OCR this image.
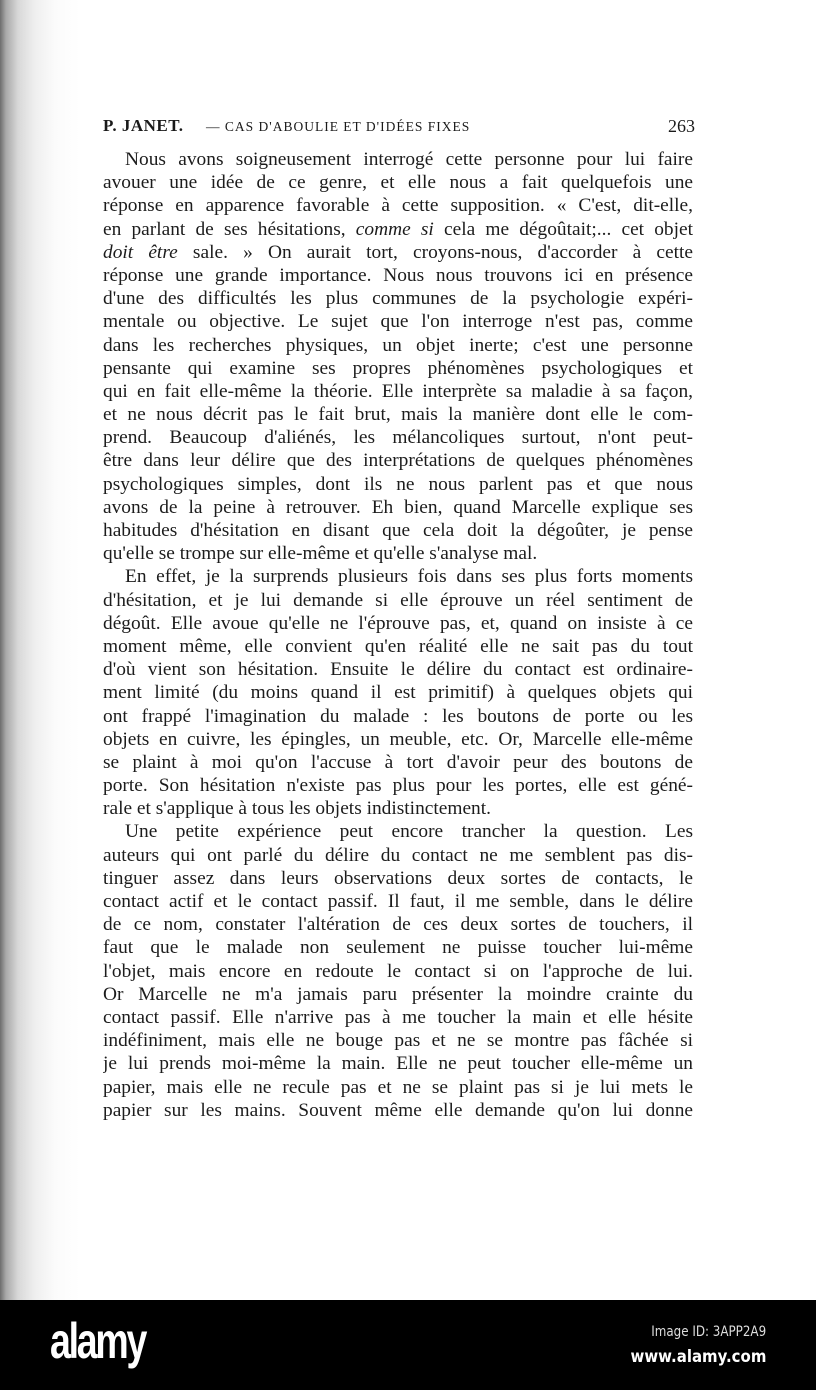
P. JANET. — CAS D'ABOULIE ET D'IDÉES FIXES	263
Nous avons soigneusement interrogé cette personne pour lui faire
avouer une idée de ce genre, et elle nous a fait quelquefois une
réponse en apparence favorable à cette supposition. « C'est, dit-elle,
en parlant de ses hésitations, comme si cela me dégoûtait;... cet objet
doit être sale. » On aurait tort, croyons-nous, d'accorder à cette
réponse une grande importance. Nous nous trouvons ici en présence
d'une des difficultés les plus communes de la psychologie expéri-
mentale ou objective. Le sujet que l'on interroge n'est pas, comme
dans les recherches physiques, un objet inerte; c'est une personne
pensante qui examine ses propres phénomènes psychologiques et
qui en fait elle-même la théorie. Elle interprète sa maladie à sa façon,
et ne nous décrit pas le fait brut, mais la manière dont elle le com-
prend. Beaucoup d'aliénés, les mélancoliques surtout, n'ont peut-
être dans leur délire que des interprétations de quelques phénomènes
psychologiques simples, dont ils ne nous parlent pas et que nous
avons de la peine à retrouver. Eh bien, quand Marcelle explique ses
habitudes d'hésitation en disant que cela doit la dégoûter, je pense
qu'elle se trompe sur elle-même et qu'elle s'analyse mal.
En effet, je la surprends plusieurs fois dans ses plus forts moments
d'hésitation, et je lui demande si elle éprouve un réel sentiment de
dégoût. Elle avoue qu'elle ne l'éprouve pas, et, quand on insiste à ce
moment même, elle convient qu'en réalité elle ne sait pas du tout
d'où vient son hésitation. Ensuite le délire du contact est ordinaire-
ment limité (du moins quand il est primitif) à quelques objets qui
ont frappé l'imagination du malade : les boutons de porte ou les
objets en cuivre, les épingles, un meuble, etc. Or, Marcelle elle-même
se plaint à moi qu'on l'accuse à tort d'avoir peur des boutons de
porte. Son hésitation n'existe pas plus pour les portes, elle est géné-
rale et s'applique à tous les objets indistinctement.
Une petite expérience peut encore trancher la question. Les
auteurs qui ont parlé du délire du contact ne me semblent pas dis-
tinguer assez dans leurs observations deux sortes de contacts, le
contact actif et le contact passif. Il faut, il me semble, dans le délire
de ce nom, constater l'altération de ces deux sortes de touchers, il
faut que le malade non seulement ne puisse toucher lui-même
l'objet, mais encore en redoute le contact si on l'approche de lui.
Or Marcelle ne m'a jamais paru présenter la moindre crainte du
contact passif. Elle n'arrive pas à me toucher la main et elle hésite
indéfiniment, mais elle ne bouge pas et ne se montre pas fâchée si
je lui prends moi-même la main. Elle ne peut toucher elle-même un
papier, mais elle ne recule pas et ne se plaint pas si je lui mets le
papier sur les mains. Souvent même elle demande qu'on lui donne
alamy	Image ID: 3APP2A9
www.alamy.com
